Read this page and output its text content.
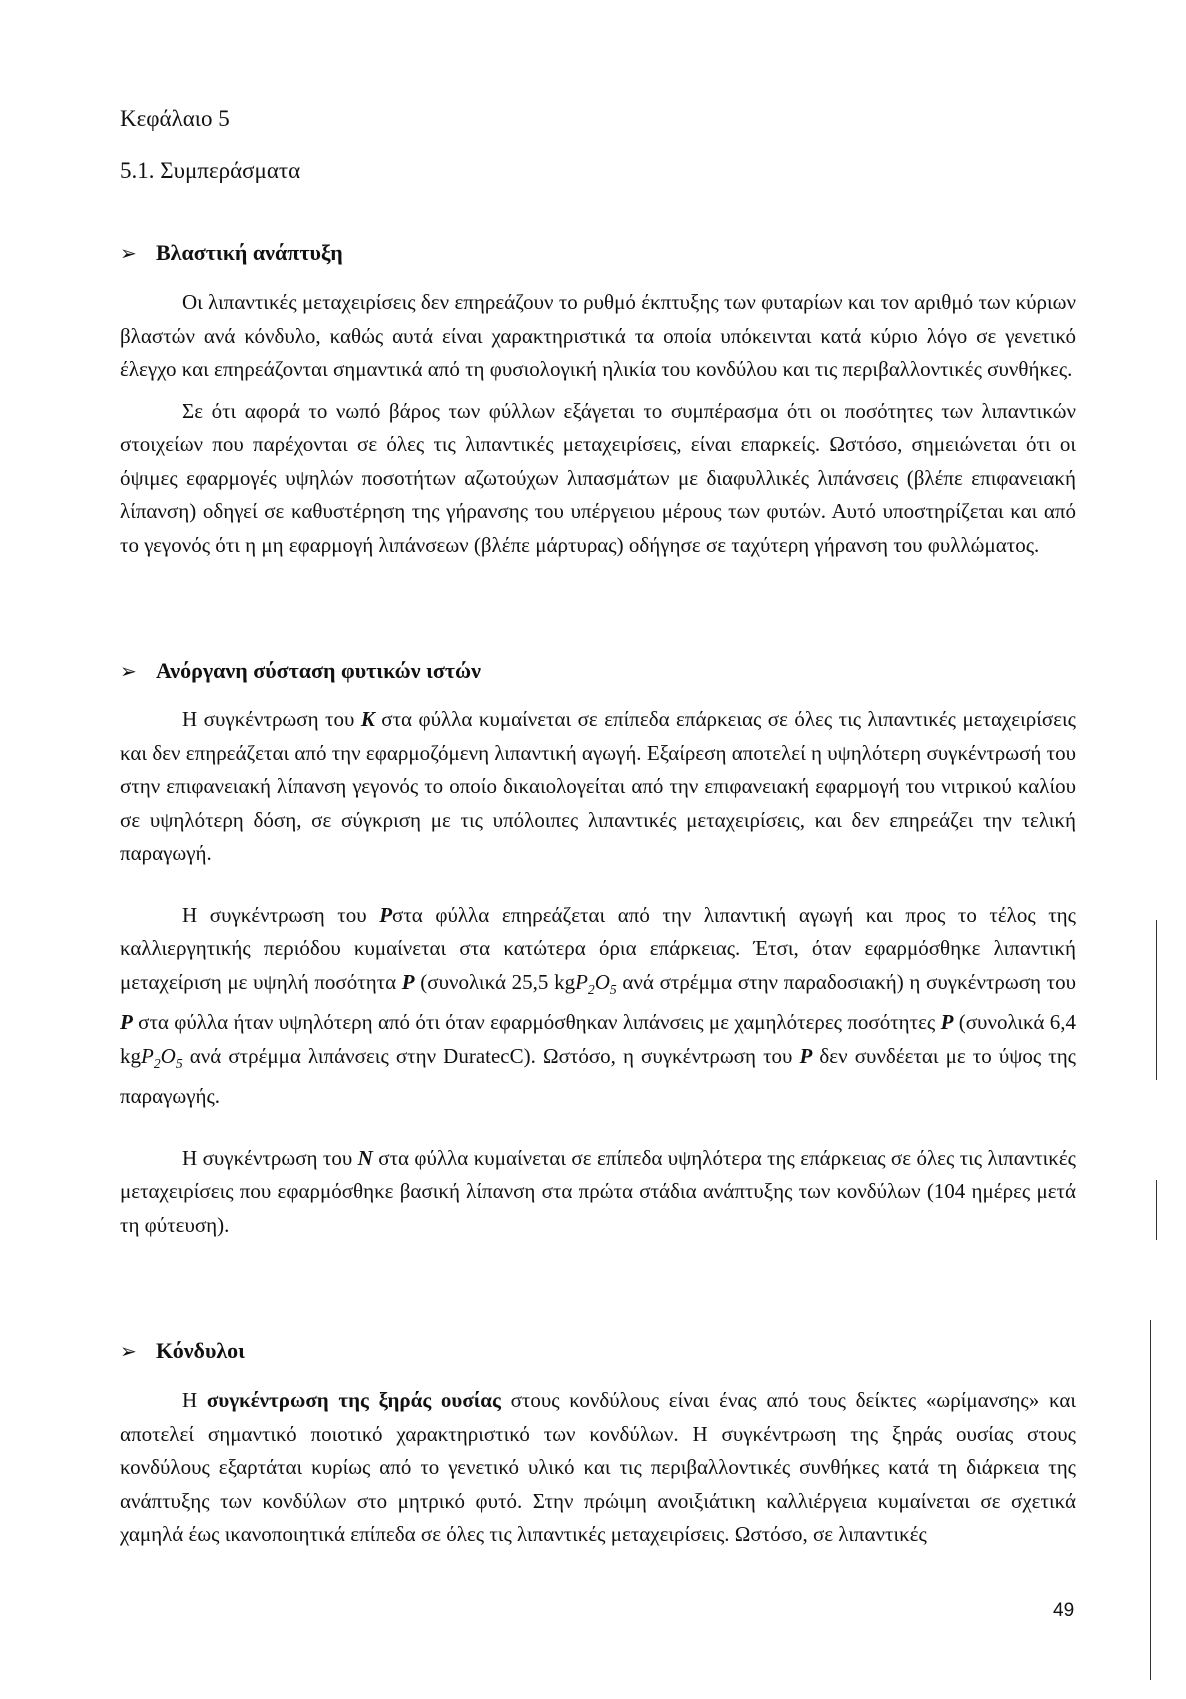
Κεφάλαιο 5
5.1. Συμπεράσματα
➢ Βλαστική ανάπτυξη

Οι λιπαντικές μεταχειρίσεις δεν επηρεάζουν το ρυθμό έκπτυξης των φυταρίων και τον αριθμό των κύριων βλαστών ανά κόνδυλο, καθώς αυτά είναι χαρακτηριστικά τα οποία υπόκεινται κατά κύριο λόγο σε γενετικό έλεγχο και επηρεάζονται σημαντικά από τη φυσιολογική ηλικία του κονδύλου και τις περιβαλλοντικές συνθήκες.

Σε ότι αφορά το νωπό βάρος των φύλλων εξάγεται το συμπέρασμα ότι οι ποσότητες των λιπαντικών στοιχείων που παρέχονται σε όλες τις λιπαντικές μεταχειρίσεις, είναι επαρκείς. Ωστόσο, σημειώνεται ότι οι όψιμες εφαρμογές υψηλών ποσοτήτων αζωτούχων λιπασμάτων με διαφυλλικές λιπάνσεις (βλέπε επιφανειακή λίπανση) οδηγεί σε καθυστέρηση της γήρανσης του υπέργειου μέρους των φυτών. Αυτό υποστηρίζεται και από το γεγονός ότι η μη εφαρμογή λιπάνσεων (βλέπε μάρτυρας) οδήγησε σε ταχύτερη γήρανση του φυλλώματος.

➢ Ανόργανη σύσταση φυτικών ιστών

Η συγκέντρωση του Κ στα φύλλα κυμαίνεται σε επίπεδα επάρκειας σε όλες τις λιπαντικές μεταχειρίσεις και δεν επηρεάζεται από την εφαρμοζόμενη λιπαντική αγωγή. Εξαίρεση αποτελεί η υψηλότερη συγκέντρωσή του στην επιφανειακή λίπανση γεγονός το οποίο δικαιολογείται από την επιφανειακή εφαρμογή του νιτρικού καλίου σε υψηλότερη δόση, σε σύγκριση με τις υπόλοιπες λιπαντικές μεταχειρίσεις, και δεν επηρεάζει την τελική παραγωγή.

Η συγκέντρωση του Pστα φύλλα επηρεάζεται από την λιπαντική αγωγή και προς το τέλος της καλλιεργητικής περιόδου κυμαίνεται στα κατώτερα όρια επάρκειας. Έτσι, όταν εφαρμόσθηκε λιπαντική μεταχείριση με υψηλή ποσότητα P (συνολικά 25,5 $kgP_2O_5$ ανά στρέμμα στην παραδοσιακή) η συγκέντρωση του P στα φύλλα ήταν υψηλότερη από ότι όταν εφαρμόσθηκαν λιπάνσεις με χαμηλότερες ποσότητες P (συνολικά 6,4 $kgP_2O_5$ ανά στρέμμα λιπάνσεις στην DuratecC). Ωστόσο, η συγκέντρωση του P δεν συνδέεται με το ύψος της παραγωγής.

Η συγκέντρωση του N στα φύλλα κυμαίνεται σε επίπεδα υψηλότερα της επάρκειας σε όλες τις λιπαντικές μεταχειρίσεις που εφαρμόσθηκε βασική λίπανση στα πρώτα στάδια ανάπτυξης των κονδύλων (104 ημέρες μετά τη φύτευση).

➢ Κόνδυλοι

Η συγκέντρωση της ξηράς ουσίας στους κονδύλους είναι ένας από τους δείκτες «ωρίμανσης» και αποτελεί σημαντικό ποιοτικό χαρακτηριστικό των κονδύλων. Η συγκέντρωση της ξηράς ουσίας στους κονδύλους εξαρτάται κυρίως από το γενετικό υλικό και τις περιβαλλοντικές συνθήκες κατά τη διάρκεια της ανάπτυξης των κονδύλων στο μητρικό φυτό. Στην πρώιμη ανοιξιάτικη καλλιέργεια κυμαίνεται σε σχετικά χαμηλά έως ικανοποιητικά επίπεδα σε όλες τις λιπαντικές μεταχειρίσεις. Ωστόσο, σε λιπαντικές

49
